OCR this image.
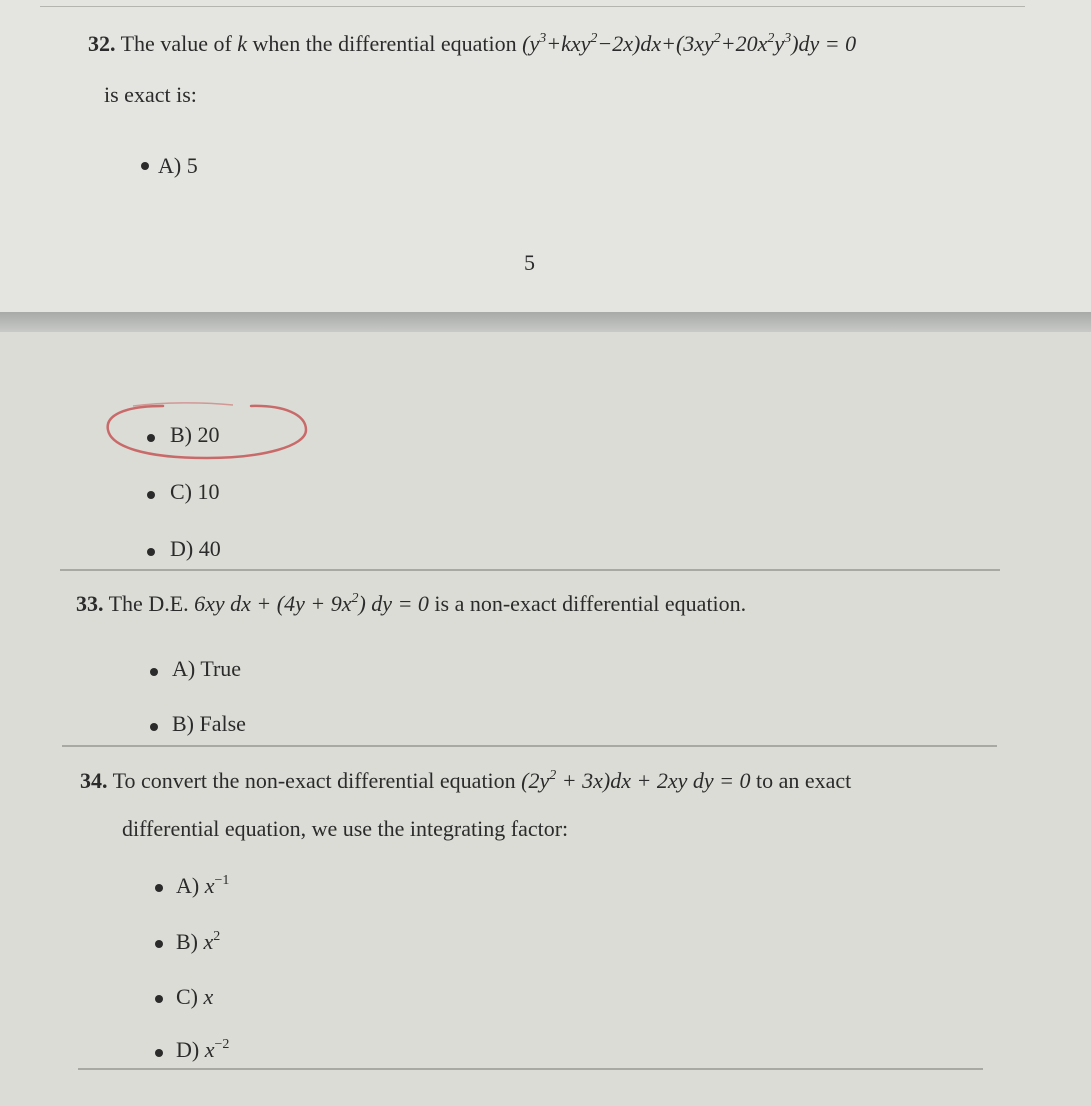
32. The value of k when the differential equation $(y^3+kxy^2-2x)dx+(3xy^2+20x^2y^3)dy = 0$
is exact is:
A) 5
5
B) 20
C) 10
D) 40
33. The D.E. 6xy dx + $(4y + 9x^2)$ dy = 0 is a non-exact differential equation.
A) True
B) False
34. To convert the non-exact differential equation $(2y^2 + 3x)dx + 2xy$ dy = 0 to an exact
differential equation, we use the integrating factor:
A) $x^{-1}$
B) $x^2$
C) x
D) $x^{-2}$
